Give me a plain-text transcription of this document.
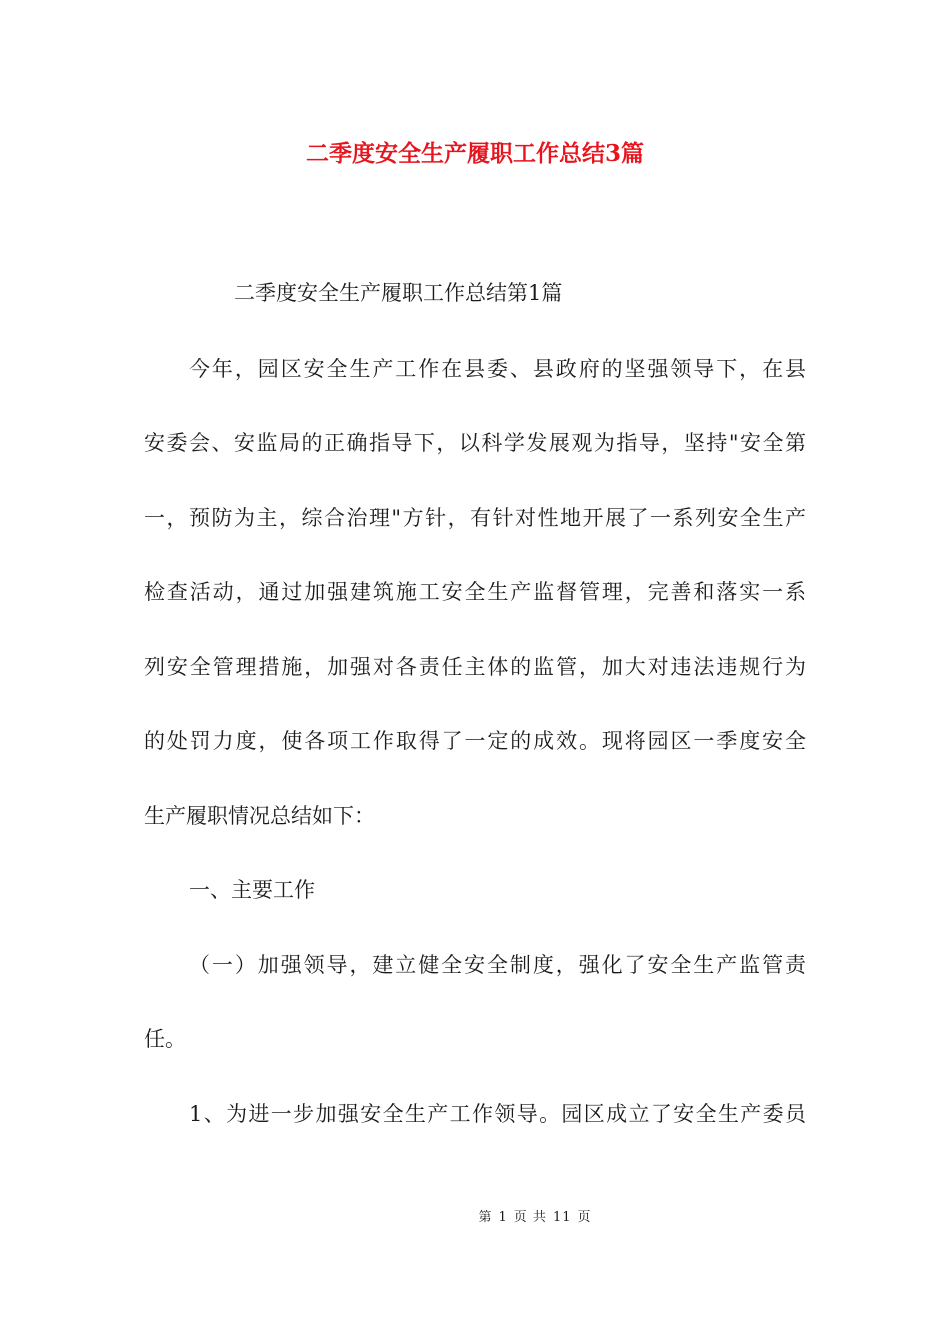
二季度安全生产履职工作总结3篇

二季度安全生产履职工作总结第1篇

今年，园区安全生产工作在县委、县政府的坚强领导下，在县
安委会、安监局的正确指导下，以科学发展观为指导，坚持"安全第
一，预防为主，综合治理"方针，有针对性地开展了一系列安全生产
检查活动，通过加强建筑施工安全生产监督管理，完善和落实一系
列安全管理措施，加强对各责任主体的监管，加大对违法违规行为
的处罚力度，使各项工作取得了一定的成效。现将园区一季度安全
生产履职情况总结如下：
一、主要工作
（一）加强领导，建立健全安全制度，强化了安全生产监管责
任。
1、为进一步加强安全生产工作领导。园区成立了安全生产委员
第 1 页 共 11 页
